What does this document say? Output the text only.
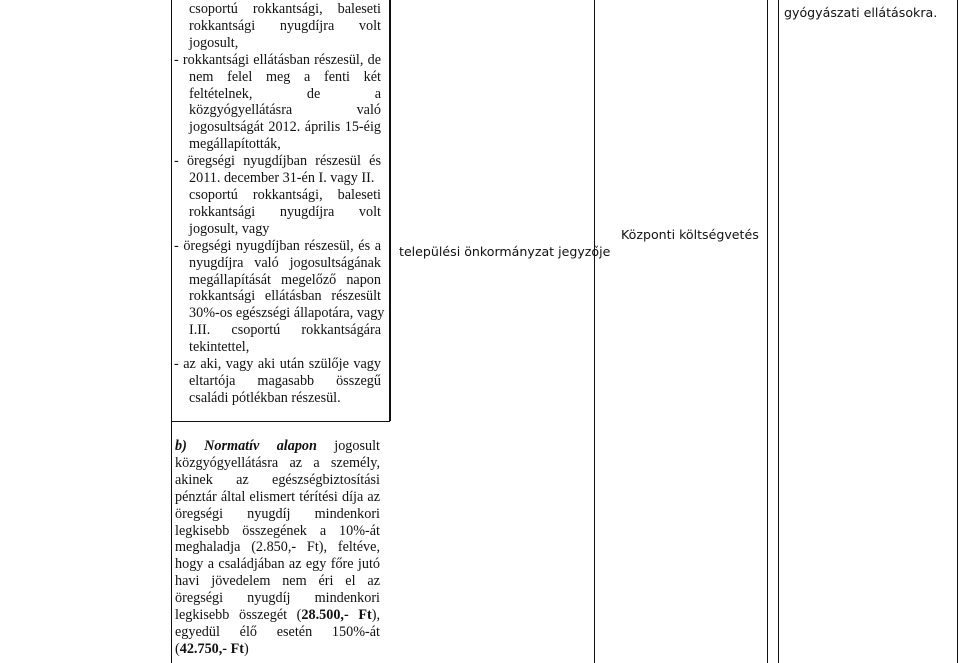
csoportú rokkantsági, baleseti
rokkantsági nyugdíjra volt
jogosult,
- rokkantsági ellátásban részesül, de
nem felel meg a fenti két
feltételnek, de a
közgyógyellátásra való
jogosultságát 2012. április 15-éig
megállapították,
- öregségi nyugdíjban részesül és
2011. december 31-én I. vagy II.
csoportú rokkantsági, baleseti
rokkantsági nyugdíjra volt
jogosult, vagy
- öregségi nyugdíjban részesül, és a
nyugdíjra való jogosultságának
megállapítását megelőző napon
rokkantsági ellátásban részesült
30%-os egészségi állapotára, vagy
I.II. csoportú rokkantságára
tekintettel,
- az aki, vagy aki után szülője vagy
eltartója magasabb összegű
családi pótlékban részesül.
települési önkormányzat jegyzője
Központi költségvetés
gyógyászati ellátásokra.
b) Normatív alapon jogosult
közgyógyellátásra az a személy,
akinek az egészségbiztosítási
pénztár által elismert térítési díja az
öregségi nyugdíj mindenkori
legkisebb összegének a 10%-át
meghaladja (2.850,- Ft), feltéve,
hogy a családjában az egy főre jutó
havi jövedelem nem éri el az
öregségi nyugdíj mindenkori
legkisebb összegét (28.500,- Ft),
egyedül élő esetén 150%-át
(42.750,- Ft)
